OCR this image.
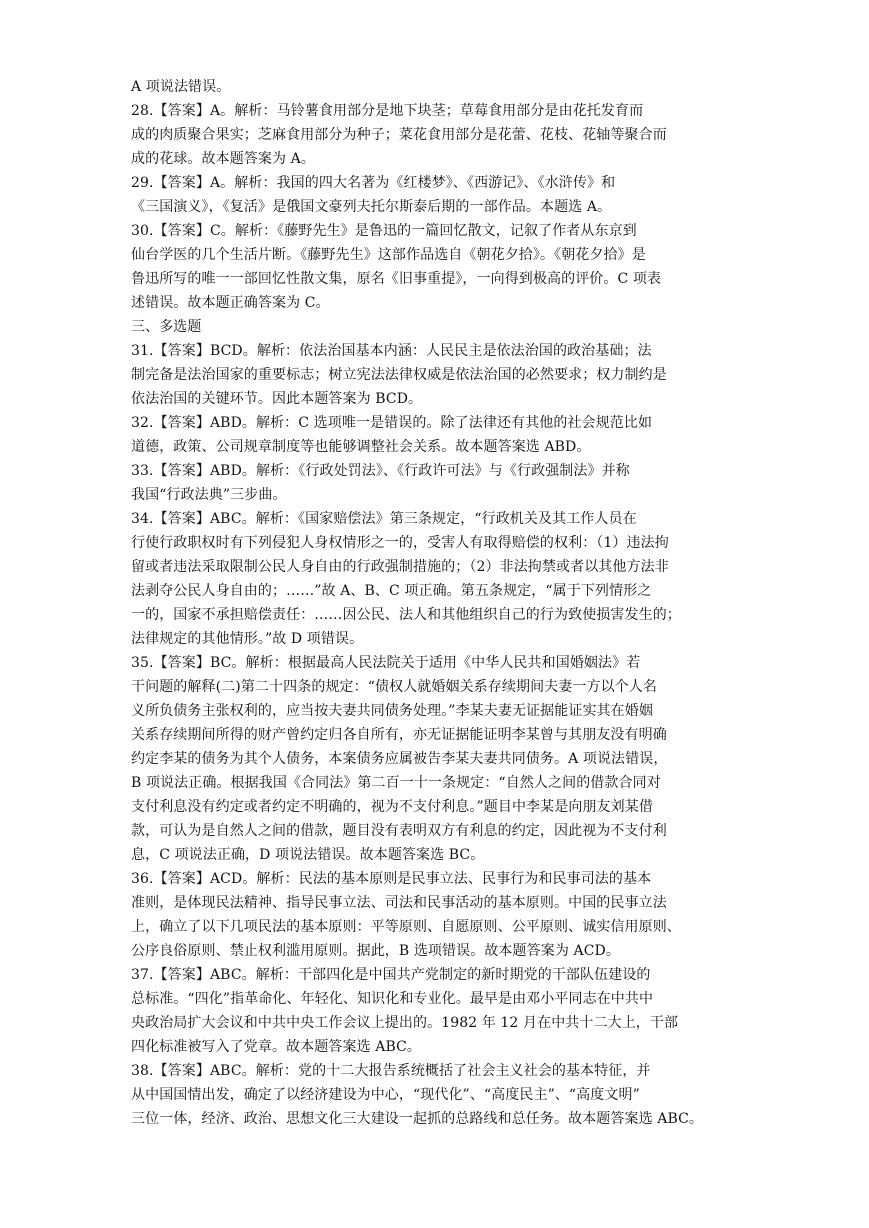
A 项说法错误。
28.【答案】A。解析：马铃薯食用部分是地下块茎；草莓食用部分是由花托发育而
成的肉质聚合果实；芝麻食用部分为种子；菜花食用部分是花蕾、花枝、花轴等聚合而
成的花球。故本题答案为 A。
29.【答案】A。解析：我国的四大名著为《红楼梦》、《西游记》、《水浒传》和
《三国演义》，《复活》是俄国文豪列夫托尔斯泰后期的一部作品。本题选 A。
30.【答案】C。解析：《藤野先生》是鲁迅的一篇回忆散文，记叙了作者从东京到
仙台学医的几个生活片断。《藤野先生》这部作品选自《朝花夕拾》。《朝花夕拾》是
鲁迅所写的唯一一部回忆性散文集，原名《旧事重提》，一向得到极高的评价。C 项表
述错误。故本题正确答案为 C。
三、多选题
31.【答案】BCD。解析：依法治国基本内涵：人民民主是依法治国的政治基础；法
制完备是法治国家的重要标志；树立宪法法律权威是依法治国的必然要求；权力制约是
依法治国的关键环节。因此本题答案为 BCD。
32.【答案】ABD。解析：C 选项唯一是错误的。除了法律还有其他的社会规范比如
道德，政策、公司规章制度等也能够调整社会关系。故本题答案选 ABD。
33.【答案】ABD。解析：《行政处罚法》、《行政许可法》与《行政强制法》并称
我国“行政法典”三步曲。
34.【答案】ABC。解析：《国家赔偿法》第三条规定，“行政机关及其工作人员在
行使行政职权时有下列侵犯人身权情形之一的，受害人有取得赔偿的权利：（1）违法拘
留或者违法采取限制公民人身自由的行政强制措施的；（2）非法拘禁或者以其他方法非
法剥夺公民人身自由的；……”故 A、B、C 项正确。第五条规定，“属于下列情形之
一的，国家不承担赔偿责任：……因公民、法人和其他组织自己的行为致使损害发生的；
法律规定的其他情形。”故 D 项错误。
35.【答案】BC。解析：根据最高人民法院关于适用《中华人民共和国婚姻法》若
干问题的解释(二)第二十四条的规定：“债权人就婚姻关系存续期间夫妻一方以个人名
义所负债务主张权利的，应当按夫妻共同债务处理。”李某夫妻无证据能证实其在婚姻
关系存续期间所得的财产曾约定归各自所有，亦无证据能证明李某曾与其朋友没有明确
约定李某的债务为其个人债务，本案债务应属被告李某夫妻共同债务。A 项说法错误，
B 项说法正确。根据我国《合同法》第二百一十一条规定：“自然人之间的借款合同对
支付利息没有约定或者约定不明确的，视为不支付利息。”题目中李某是向朋友刘某借
款，可认为是自然人之间的借款，题目没有表明双方有利息的约定，因此视为不支付利
息，C 项说法正确，D 项说法错误。故本题答案选 BC。
36.【答案】ACD。解析：民法的基本原则是民事立法、民事行为和民事司法的基本
准则，是体现民法精神、指导民事立法、司法和民事活动的基本原则。中国的民事立法
上，确立了以下几项民法的基本原则：平等原则、自愿原则、公平原则、诚实信用原则、
公序良俗原则、禁止权利滥用原则。据此，B 选项错误。故本题答案为 ACD。
37.【答案】ABC。解析：干部四化是中国共产党制定的新时期党的干部队伍建设的
总标准。“四化”指革命化、年轻化、知识化和专业化。最早是由邓小平同志在中共中
央政治局扩大会议和中共中央工作会议上提出的。1982 年 12 月在中共十二大上，干部
四化标准被写入了党章。故本题答案选 ABC。
38.【答案】ABC。解析：党的十二大报告系统概括了社会主义社会的基本特征，并
从中国国情出发，确定了以经济建设为中心，“现代化”、“高度民主”、“高度文明”
三位一体，经济、政治、思想文化三大建设一起抓的总路线和总任务。故本题答案选 ABC。
